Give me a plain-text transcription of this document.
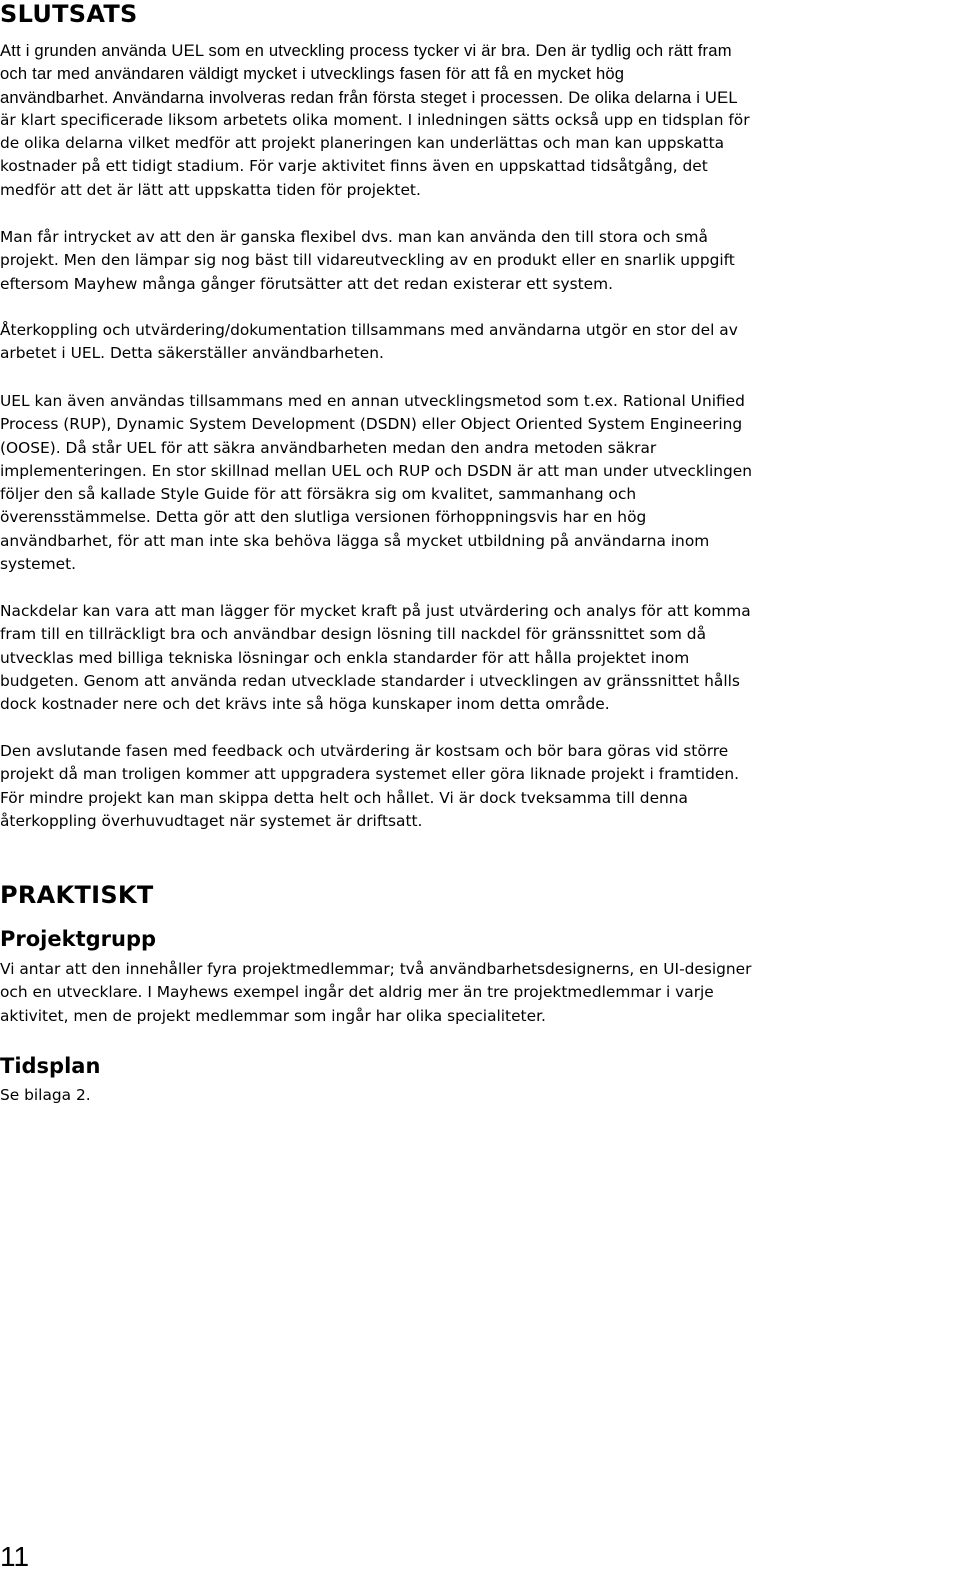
SLUTSATS

Att i grunden använda UEL som en utveckling process tycker vi är bra. Den är tydlig och rätt fram
och tar med användaren väldigt mycket i utvecklings fasen för att få en mycket hög
användbarhet. Användarna involveras redan från första steget i processen. De olika delarna i UEL
är klart specificerade liksom arbetets olika moment. I inledningen sätts också upp en tidsplan för
de olika delarna vilket medför att projekt planeringen kan underlättas och man kan uppskatta
kostnader på ett tidigt stadium. För varje aktivitet finns även en uppskattad tidsåtgång, det
medför att det är lätt att uppskatta tiden för projektet.

Man får intrycket av att den är ganska flexibel dvs. man kan använda den till stora och små
projekt. Men den lämpar sig nog bäst till vidareutveckling av en produkt eller en snarlik uppgift
eftersom Mayhew många gånger förutsätter att det redan existerar ett system.

Återkoppling och utvärdering/dokumentation tillsammans med användarna utgör en stor del av
arbetet i UEL. Detta säkerställer användbarheten.

UEL kan även användas tillsammans med en annan utvecklingsmetod som t.ex. Rational Unified
Process (RUP), Dynamic System Development (DSDN) eller Object Oriented System Engineering
(OOSE). Då står UEL för att säkra användbarheten medan den andra metoden säkrar
implementeringen. En stor skillnad mellan UEL och RUP och DSDN är att man under utvecklingen
följer den så kallade Style Guide för att försäkra sig om kvalitet, sammanhang och
överensstämmelse. Detta gör att den slutliga versionen förhoppningsvis har en hög
användbarhet, för att man inte ska behöva lägga så mycket utbildning på användarna inom
systemet.

Nackdelar kan vara att man lägger för mycket kraft på just utvärdering och analys för att komma
fram till en tillräckligt bra och användbar design lösning till nackdel för gränssnittet som då
utvecklas med billiga tekniska lösningar och enkla standarder för att hålla projektet inom
budgeten. Genom att använda redan utvecklade standarder i utvecklingen av gränssnittet hålls
dock kostnader nere och det krävs inte så höga kunskaper inom detta område.

Den avslutande fasen med feedback och utvärdering är kostsam och bör bara göras vid större
projekt då man troligen kommer att uppgradera systemet eller göra liknade projekt i framtiden.
För mindre projekt kan man skippa detta helt och hållet. Vi är dock tveksamma till denna
återkoppling överhuvudtaget när systemet är driftsatt.

PRAKTISKT
Projektgrupp

Vi antar att den innehåller fyra projektmedlemmar; två användbarhetsdesignerns, en UI-designer
och en utvecklare. I Mayhews exempel ingår det aldrig mer än tre projektmedlemmar i varje
aktivitet, men de projekt medlemmar som ingår har olika specialiteter.

Tidsplan

Se bilaga 2.

11
